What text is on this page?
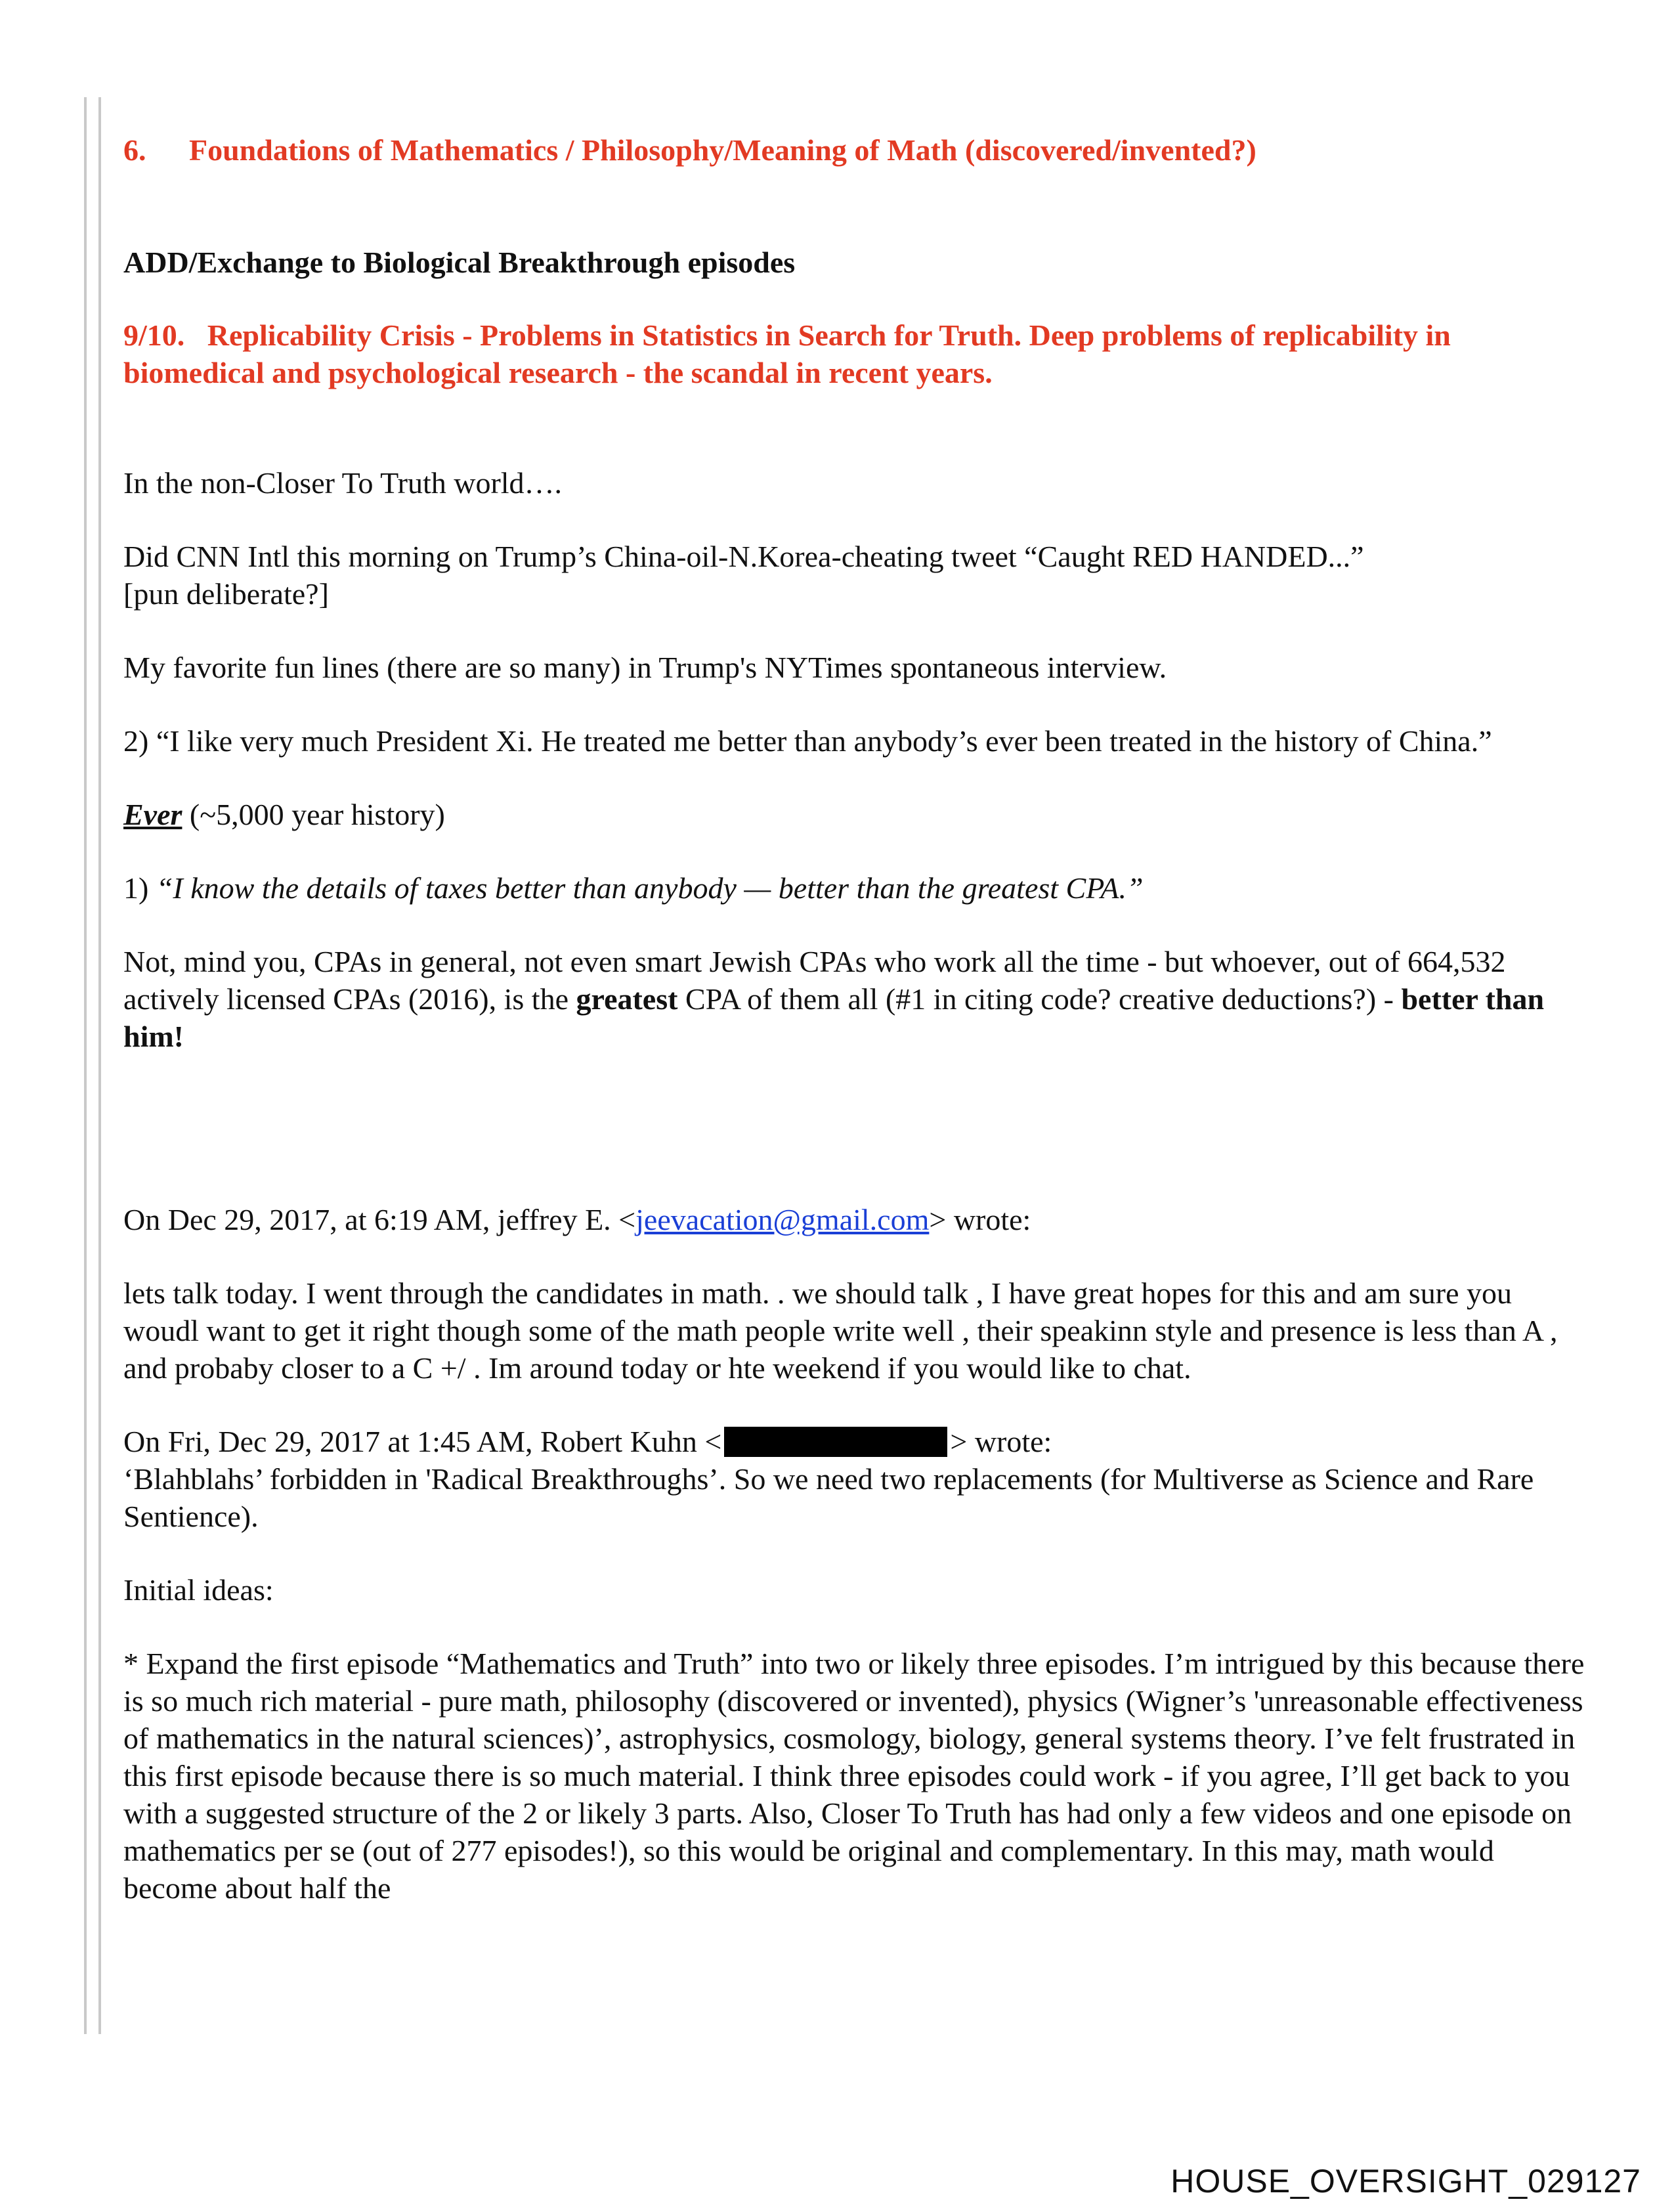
6. Foundations of Mathematics / Philosophy/Meaning of Math (discovered/invented?)

ADD/Exchange to Biological Breakthrough episodes

9/10. Replicability Crisis - Problems in Statistics in Search for Truth. Deep problems of replicability in biomedical and psychological research - the scandal in recent years.

In the non-Closer To Truth world….

Did CNN Intl this morning on Trump’s China-oil-N.Korea-cheating tweet “Caught RED HANDED...”

[pun deliberate?]

My favorite fun lines (there are so many) in Trump's NYTimes spontaneous interview.

2) “I like very much President Xi. He treated me better than anybody’s ever been treated in the history of China.”

Ever (~5,000 year history)

1) “I know the details of taxes better than anybody — better than the greatest CPA.”

Not, mind you, CPAs in general, not even smart Jewish CPAs who work all the time - but whoever, out of 664,532 actively licensed CPAs (2016), is the greatest CPA of them all (#1 in citing code? creative deductions?) - better than him!

On Dec 29, 2017, at 6:19 AM, jeffrey E. <jeevacation@gmail.com> wrote:

lets talk today. I went through the candidates in math. . we should talk , I have great hopes for this and am sure you woudl want to get it right though some of the math people write well , their speakinn style and presence is less than A , and probaby closer to a C +/ . Im around today or hte weekend if you would like to chat.

On Fri, Dec 29, 2017 at 1:45 AM, Robert Kuhn <	> wrote:

‘Blahblahs’ forbidden in 'Radical Breakthroughs’. So we need two replacements (for Multiverse as Science and Rare Sentience).

Initial ideas:

* Expand the first episode “Mathematics and Truth” into two or likely three episodes. I’m intrigued by this because there is so much rich material - pure math, philosophy (discovered or invented), physics (Wigner’s 'unreasonable effectiveness of mathematics in the natural sciences)’, astrophysics, cosmology, biology, general systems theory. I’ve felt frustrated in this first episode because there is so much material. I think three episodes could work - if you agree, I’ll get back to you with a suggested structure of the 2 or likely 3 parts. Also, Closer To Truth has had only a few videos and one episode on mathematics per se (out of 277 episodes!), so this would be original and complementary. In this may, math would become about half the

HOUSE_OVERSIGHT_029127
